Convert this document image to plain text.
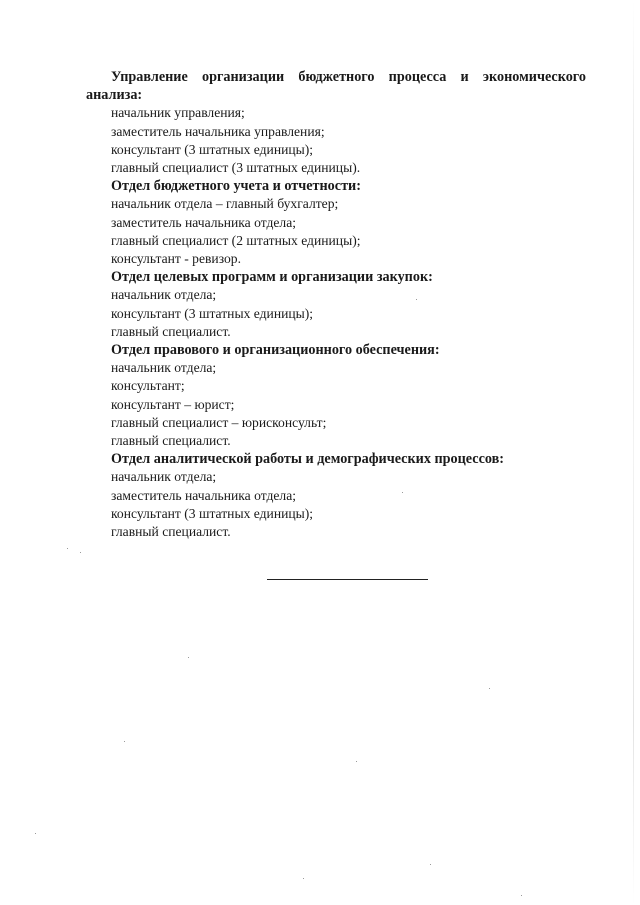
Управление организации бюджетного процесса и экономического анализа:

начальник управления;

заместитель начальника управления;

консультант (3 штатных единицы);

главный специалист (3 штатных единицы).

Отдел бюджетного учета и отчетности:

начальник отдела – главный бухгалтер;

заместитель начальника отдела;

главный специалист (2 штатных единицы);

консультант - ревизор.

Отдел целевых программ и организации закупок:

начальник отдела;

консультант (3 штатных единицы);

главный специалист.

Отдел правового и организационного обеспечения:

начальник отдела;

консультант;

консультант – юрист;

главный специалист – юрисконсульт;

главный специалист.

Отдел аналитической работы и демографических процессов:

начальник отдела;

заместитель начальника отдела;

консультант (3 штатных единицы);

главный специалист.
